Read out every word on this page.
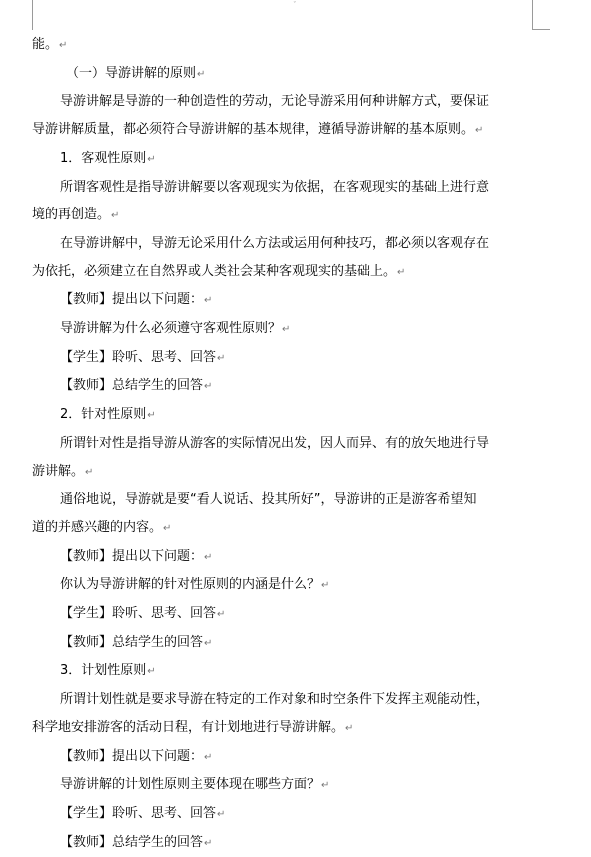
ˇ
能。↵
（一）导游讲解的原则↵
导游讲解是导游的一种创造性的劳动，无论导游采用何种讲解方式，要保证
导游讲解质量，都必须符合导游讲解的基本规律，遵循导游讲解的基本原则。↵
1．客观性原则↵
所谓客观性是指导游讲解要以客观现实为依据，在客观现实的基础上进行意
境的再创造。↵
在导游讲解中，导游无论采用什么方法或运用何种技巧，都必须以客观存在
为依托，必须建立在自然界或人类社会某种客观现实的基础上。↵
【教师】提出以下问题：↵
导游讲解为什么必须遵守客观性原则？↵
【学生】聆听、思考、回答↵
【教师】总结学生的回答↵
2．针对性原则↵
所谓针对性是指导游从游客的实际情况出发，因人而异、有的放矢地进行导
游讲解。↵
通俗地说，导游就是要“看人说话、投其所好”，导游讲的正是游客希望知
道的并感兴趣的内容。↵
【教师】提出以下问题：↵
你认为导游讲解的针对性原则的内涵是什么？↵
【学生】聆听、思考、回答↵
【教师】总结学生的回答↵
3．计划性原则↵
所谓计划性就是要求导游在特定的工作对象和时空条件下发挥主观能动性，
科学地安排游客的活动日程，有计划地进行导游讲解。↵
【教师】提出以下问题：↵
导游讲解的计划性原则主要体现在哪些方面？↵
【学生】聆听、思考、回答↵
【教师】总结学生的回答↵
